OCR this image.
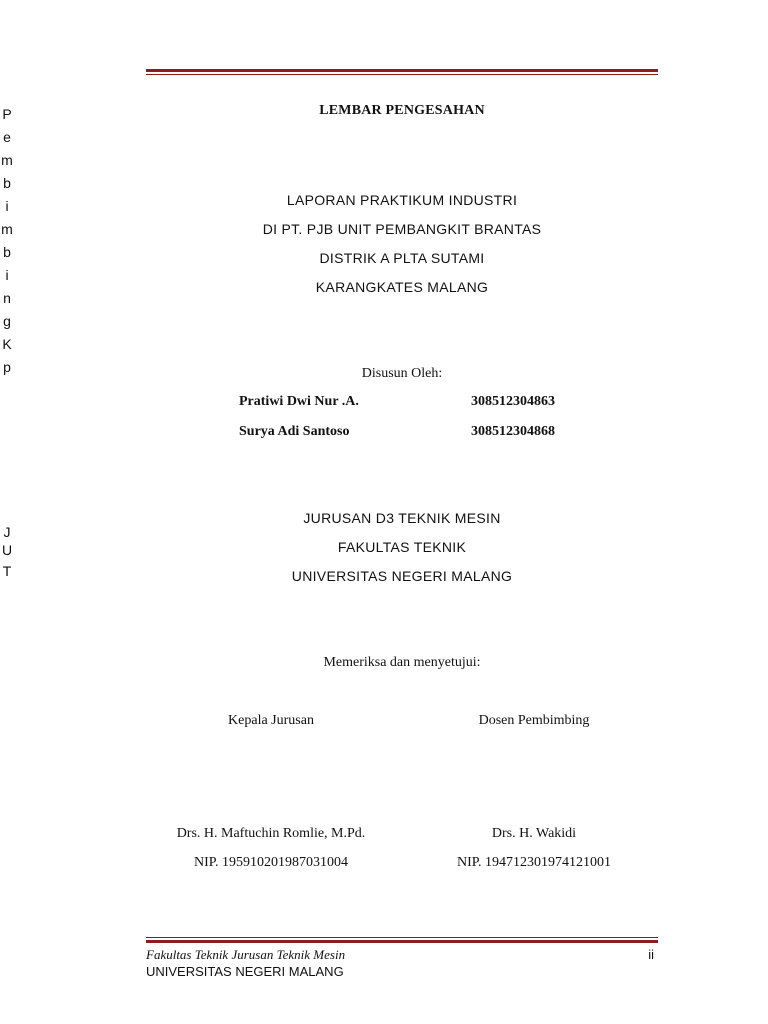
P
e
m
b
i
m
b
i
n
g
K
p
J
U
T
LEMBAR PENGESAHAN
LAPORAN PRAKTIKUM INDUSTRI
DI PT. PJB UNIT PEMBANGKIT BRANTAS
DISTRIK A PLTA SUTAMI
KARANGKATES MALANG
Disusun Oleh:
Pratiwi Dwi Nur .A.	308512304863
Surya Adi Santoso	308512304868
JURUSAN D3 TEKNIK MESIN
FAKULTAS TEKNIK
UNIVERSITAS NEGERI MALANG
Memeriksa dan menyetujui:
Kepala Jurusan	Dosen Pembimbing
Drs. H. Maftuchin Romlie, M.Pd.	Drs. H. Wakidi
NIP. 195910201987031004	NIP. 194712301974121001
Fakultas Teknik Jurusan Teknik Mesin
UNIVERSITAS NEGERI MALANG
ii
